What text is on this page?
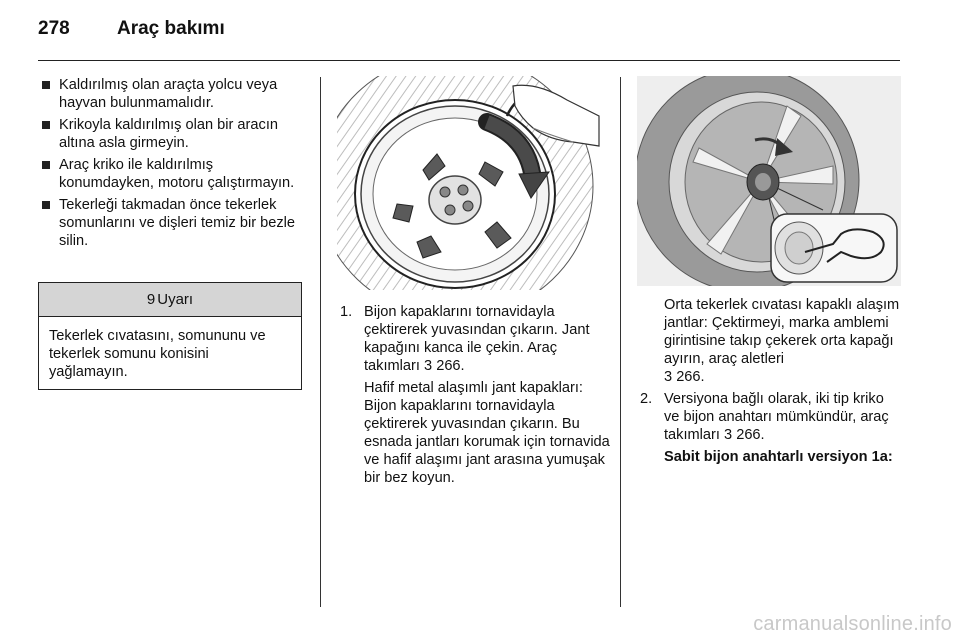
278 Araç bakımı
Kaldırılmış olan araçta yolcu veya hayvan bulunmamalıdır.
Krikoyla kaldırılmış olan bir aracın altına asla girmeyin.
Araç kriko ile kaldırılmış konumdayken, motoru çalıştırmayın.
Tekerleği takmadan önce tekerlek somunlarını ve dişleri temiz bir bezle silin.
9 Uyarı
Tekerlek cıvatasını, somununu ve tekerlek somunu konisini yağlamayın.
1. Bijon kapaklarını tornavidayla çektirerek yuvasından çıkarın. Jant kapağını kanca ile çekin. Araç takımları 3 266.
Hafif metal alaşımlı jant kapakları: Bijon kapaklarını tornavidayla çektirerek yuvasından çıkarın. Bu esnada jantları korumak için tornavida ve hafif alaşımı jant arasına yumuşak bir bez koyun.
Orta tekerlek cıvatası kapaklı alaşım jantlar: Çektirmeyi, marka amblemi girintisine takıp çekerek orta kapağı ayırın, araç aletleri
3 266.
2. Versiyona bağlı olarak, iki tip kriko ve bijon anahtarı mümkündür, araç takımları 3 266.
Sabit bijon anahtarlı versiyon 1a:
carmanualsonline.info
